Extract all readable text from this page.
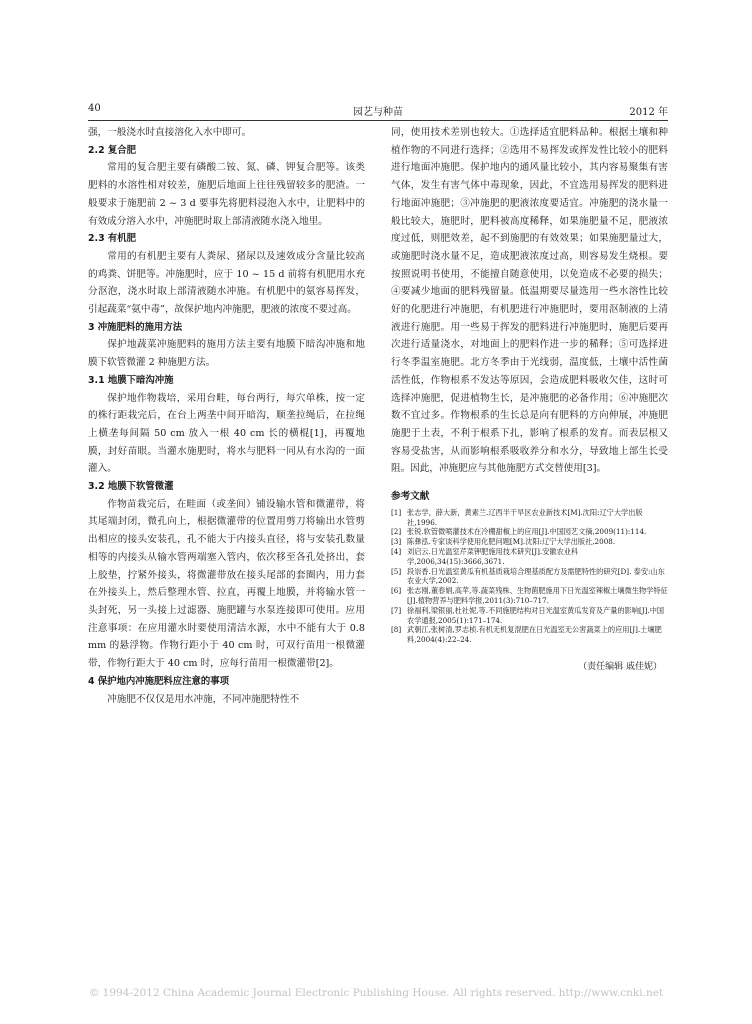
40	园艺与种苗	2012 年

强，一般浇水时直接溶化入水中即可。

2.2 复合肥

常用的复合肥主要有磷酸二铵、氮、磷、钾复合肥等。该类肥料的水溶性相对较差，施肥后地面上往往残留较多的肥渣。一般要求于施肥前 2 ~ 3 d 要事先将肥料浸泡入水中，让肥料中的有效成分溶入水中，冲施肥时取上部清液随水浇入地里。

2.3 有机肥

常用的有机肥主要有人粪尿、猪尿以及速效成分含量比较高的鸡粪、饼肥等。冲施肥时，应于 10 ~ 15 d 前将有机肥用水充分沤泡，浇水时取上部清液随水冲施。有机肥中的氨容易挥发，引起蔬菜“氨中毒”，故保护地内冲施肥，肥液的浓度不要过高。

3 冲施肥料的施用方法

保护地蔬菜冲施肥料的施用方法主要有地膜下暗沟冲施和地膜下软管微灌 2 种施肥方法。

3.1 地膜下暗沟冲施

保护地作物栽培，采用台畦，每台两行，每穴单株，按一定的株行距栽完后，在台上两垄中间开暗沟，顺垄拉绳后，在拉绳上横垄每间隔 50 cm 放入一根 40 cm 长的横棍[1]，再覆地膜，封好苗眼。当灌水施肥时，将水与肥料一同从有水沟的一面灌入。

3.2 地膜下软管微灌

作物苗栽完后，在畦面（或垄间）铺设输水管和微灌带，将其尾端封闭，微孔向上，根据微灌带的位置用剪刀将输出水管剪出相应的接头安装孔，孔不能大于内接头直径，将与安装孔数量相等的内接头从输水管两端塞入管内，依次移至各孔处挤出，套上胶垫，拧紧外接头，将微灌带放在接头尾部的套圈内，用力套在外接头上，然后整理水管、拉直，再覆上地膜，并将输水管一头封死，另一头接上过滤器、施肥罐与水泵连接即可使用。应用注意事项：在应用灌水时要使用清洁水源，水中不能有大于 0.8 mm 的悬浮物。作物行距小于 40 cm 时，可双行苗用一根微灌带，作物行距大于 40 cm 时，应每行苗用一根微灌带[2]。

4 保护地内冲施肥料应注意的事项

冲施肥不仅仅是用水冲施，不同冲施肥特性不

同，使用技术差别也较大。①选择适宜肥料品种。根据土壤和种植作物的不同进行选择；②选用不易挥发或挥发性比较小的肥料进行地面冲施肥。保护地内的通风量比较小，其内容易聚集有害气体，发生有害气体中毒现象，因此，不宜选用易挥发的肥料进行地面冲施肥；③冲施肥的肥液浓度要适宜。冲施肥的浇水量一般比较大，施肥时，肥料被高度稀释，如果施肥量不足，肥液浓度过低，则肥效差，起不到施肥的有效效果；如果施肥量过大，或施肥时浇水量不足，造成肥液浓度过高，则容易发生烧根。要按照说明书使用，不能擅自随意使用，以免造成不必要的损失；④要减少地面的肥料残留量。低温期要尽量选用一些水溶性比较好的化肥进行冲施肥，有机肥进行冲施肥时，要用沤制液的上清液进行施肥。用一些易于挥发的肥料进行冲施肥时，施肥后要再次进行适量浇水，对地面上的肥料作进一步的稀释；⑤可选择进行冬季温室施肥。北方冬季由于光线弱，温度低，土壤中活性菌活性低，作物根系不发达等原因，会造成肥料吸收欠佳，这时可选择冲施肥，促进植物生长，是冲施肥的必备作用；⑥冲施肥次数不宜过多。作物根系的生长总是向有肥料的方向伸展，冲施肥施肥于土表，不利于根系下扎，影响了根系的发育。而表层根又容易受盐害，从而影响根系吸收养分和水分，导致地上部生长受阻。因此，冲施肥应与其他施肥方式交替使用[3]。

参考文献
[1] 张志学，薛大新，黄素兰.辽西半干旱区农业新技术[M].沈阳:辽宁大学出版社,1996.
[2] 张锐.软管微喷灌技术在冷棚甜椒上的应用[J].中国园艺文摘,2009(11):114.
[3] 陈彝泓.专家谈科学使用化肥问题[M].沈阳:辽宁大学出版社,2008.
[4] 刘启云.日光温室芹菜钾肥施用技术研究[J].安徽农业科学,2006,34(15):3666,3671.
[5] 段崇香.日光温室黄瓜有机基质栽培合理基质配方及需肥特性的研究[D]. 泰安:山东农业大学,2002.
[6] 张志刚,董春娟,高苹,等.蔬菜残株、生物菌肥施用下日光温室辣椒土壤微生物学特征[J].植物营养与肥料学报,2011(3):710–717.
[7] 徐福利,梁银丽,杜社妮,等.不同施肥结构对日光温室黄瓜发育及产量的影响[J].中国农学通报,2005(1):171–174.
[8] 武朝江,张树清,罗志桢.有机无机复混肥在日光温室无公害蔬菜上的应用[J].土壤肥料,2004(4):22–24.
（责任编辑 戚佳妮）
© 1994-2012 China Academic Journal Electronic Publishing House. All rights reserved. http://www.cnki.net
